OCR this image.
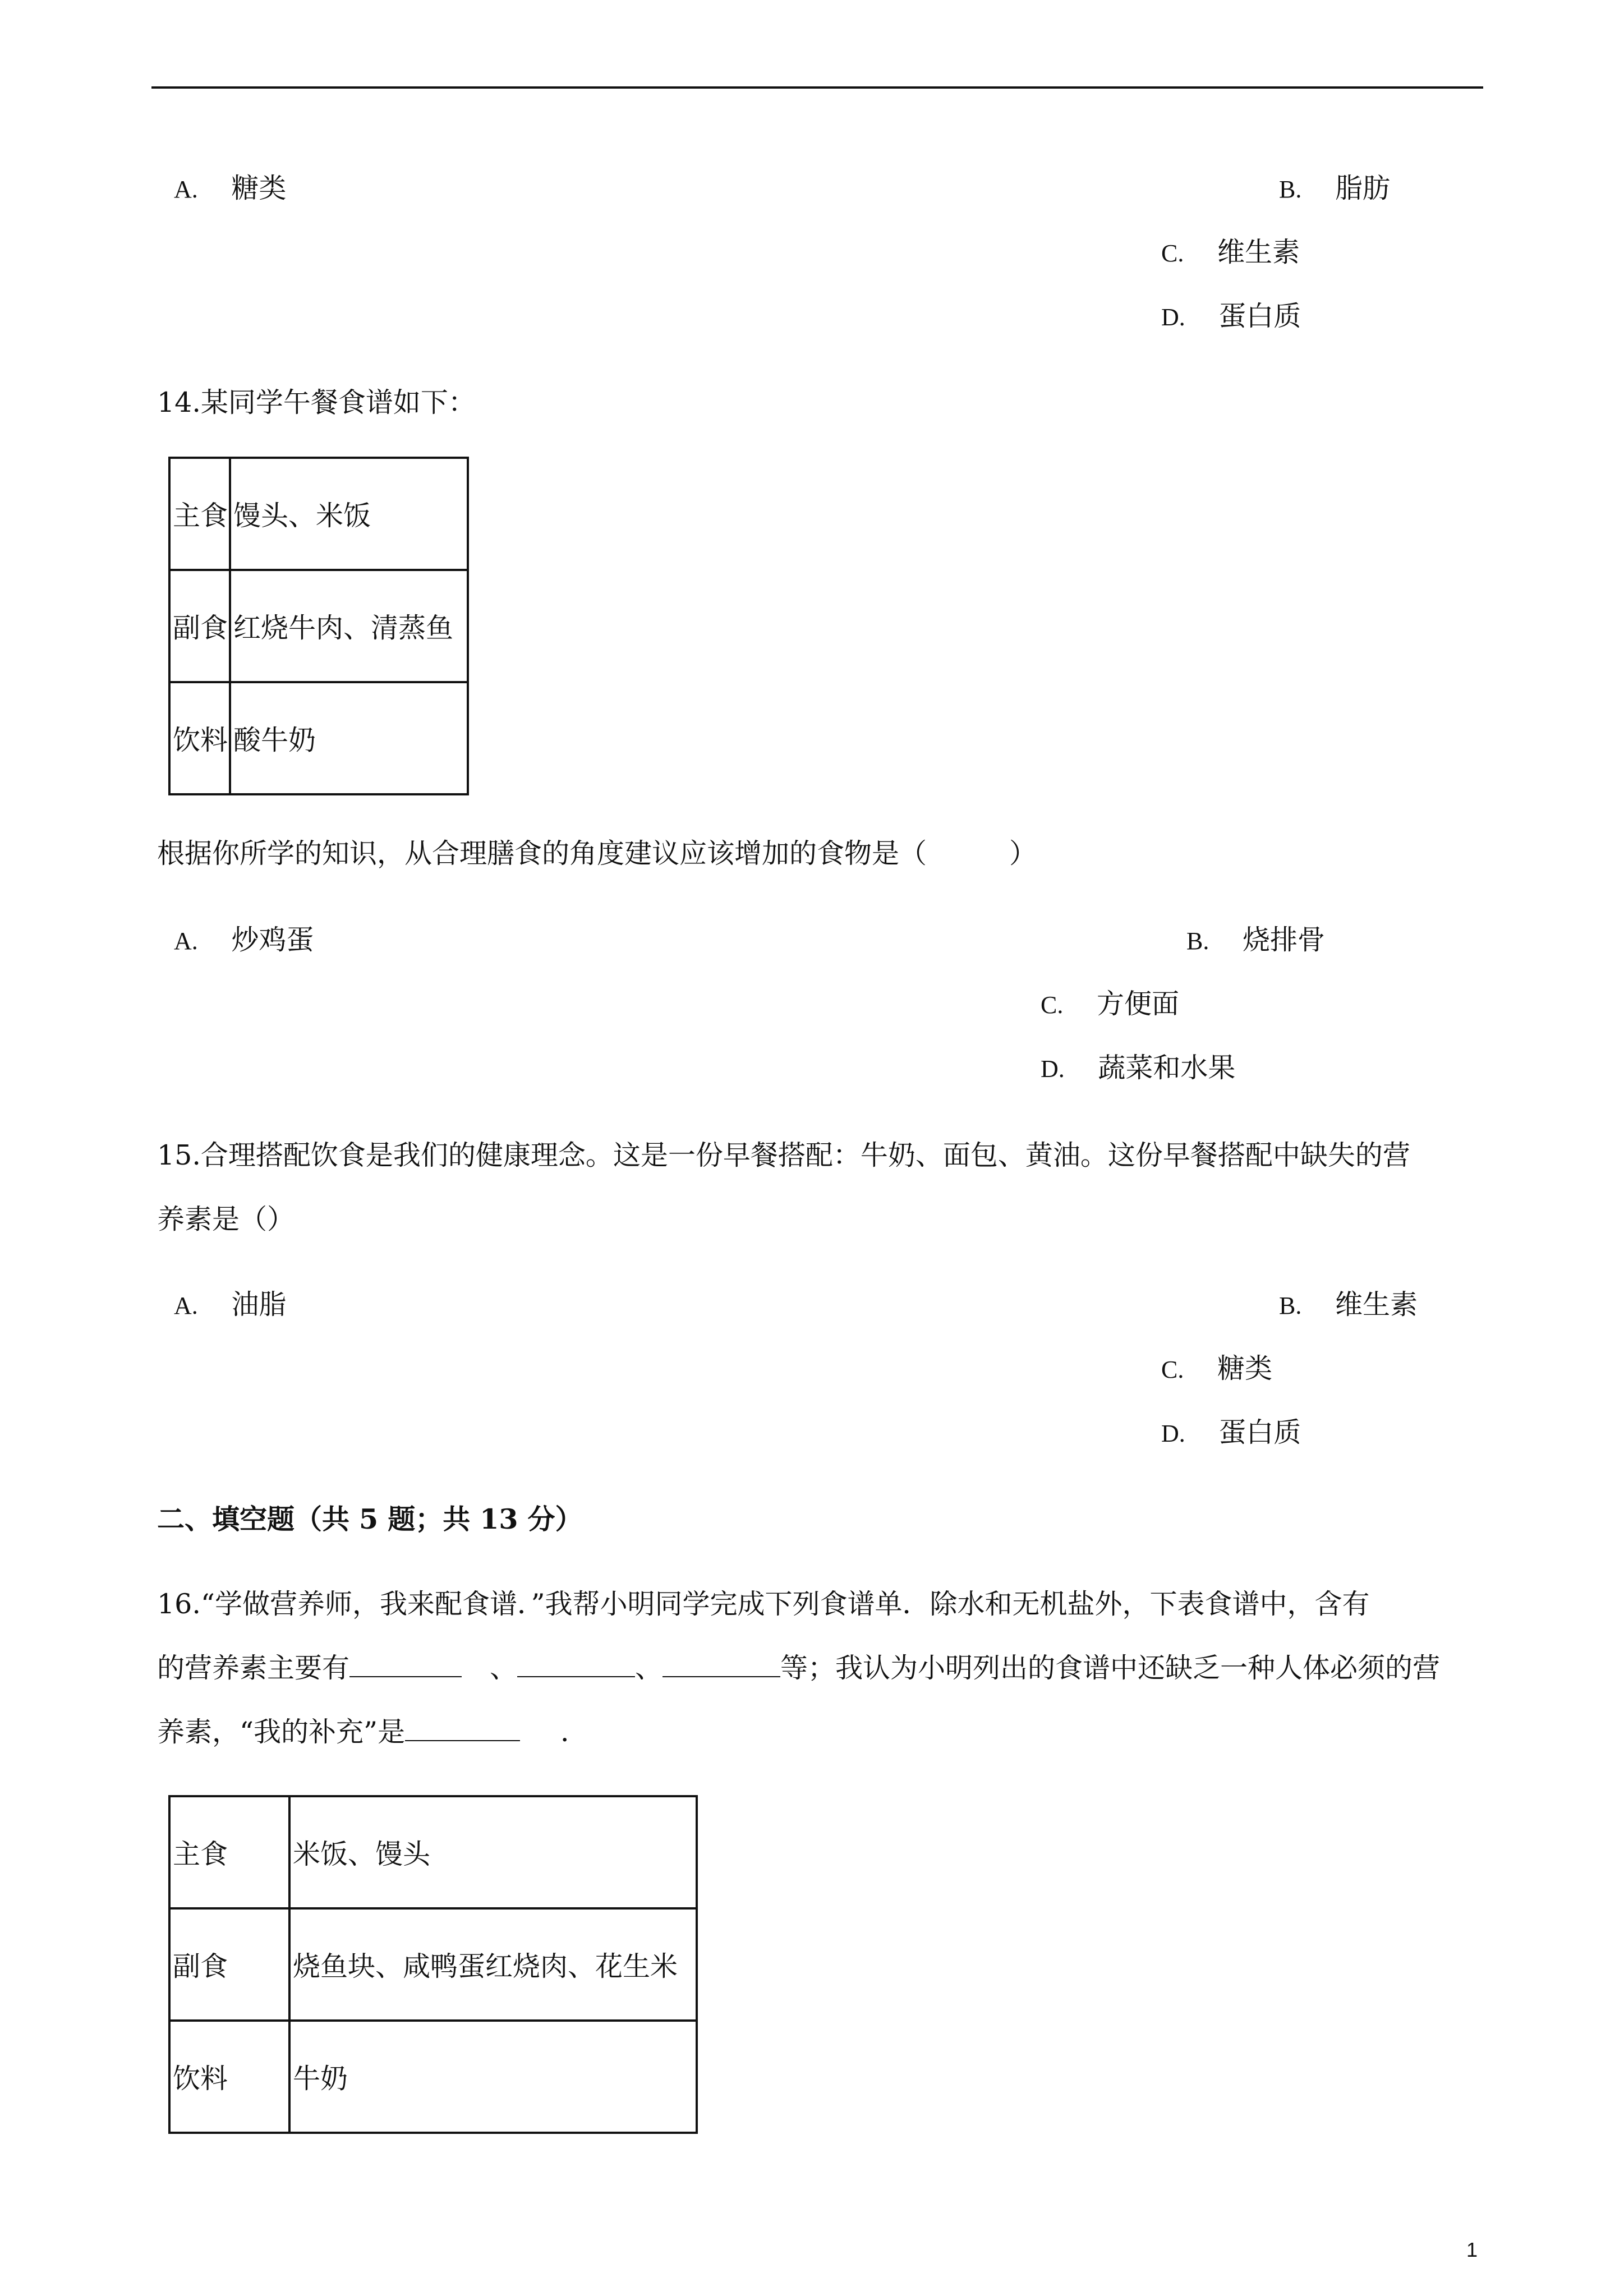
A. 糖类	B. 脂肪
C. 维生素
D. 蛋白质
14.某同学午餐食谱如下：
主食	馒头、米饭
副食	红烧牛肉、清蒸鱼
饮料	酸牛奶
根据你所学的知识，从合理膳食的角度建议应该增加的食物是（　　　）
A. 炒鸡蛋	B. 烧排骨
C. 方便面
D. 蔬菜和水果
15.合理搭配饮食是我们的健康理念。这是一份早餐搭配：牛奶、面包、黄油。这份早餐搭配中缺失的营
养素是（）
A. 油脂	B. 维生素
C. 糖类
D. 蛋白质
二、填空题（共 5 题；共 13 分）
16.“学做营养师，我来配食谱．”我帮小明同学完成下列食谱单．除水和无机盐外，下表食谱中，含有
的营养素主要有	、	、	等；我认为小明列出的食谱中还缺乏一种人体必须的营
养素，“我的补充”是	．
主食	米饭、馒头
副食	烧鱼块、咸鸭蛋红烧肉、花生米
饮料	牛奶
1
